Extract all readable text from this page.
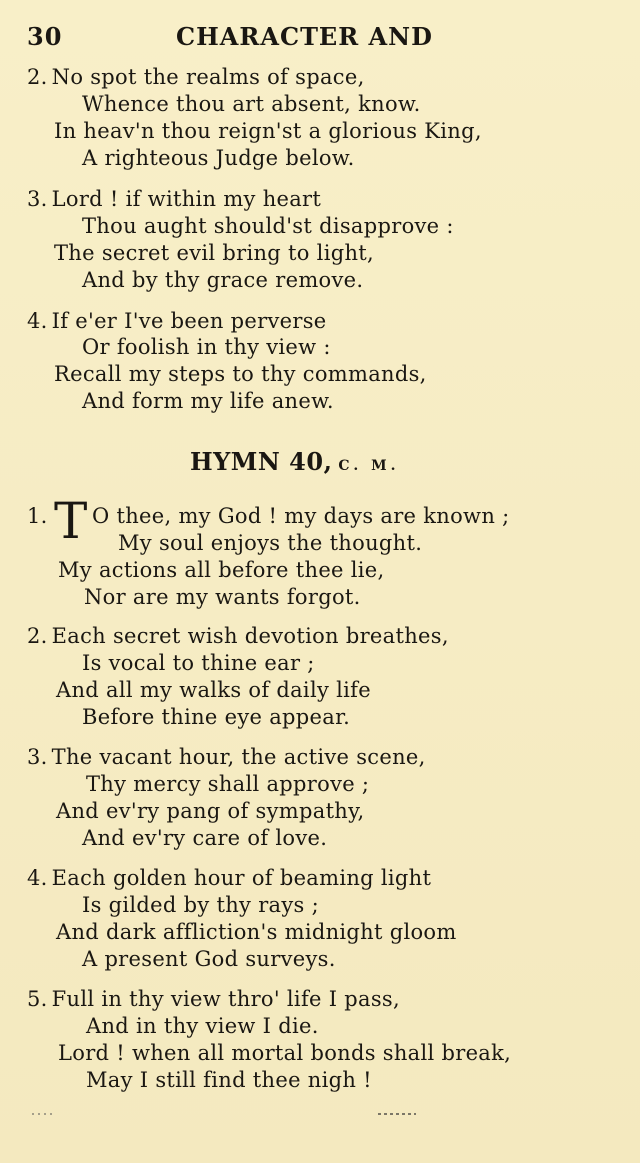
30	CHARACTER AND
2. No spot the realms of space,
Whence thou art absent, know.
In heav'n thou reign'st a glorious King,
A righteous Judge below.
3. Lord ! if within my heart
Thou aught should'st disapprove :
The secret evil bring to light,
And by thy grace remove.
4. If e'er I've been perverse
Or foolish in thy view :
Recall my steps to thy commands,
And form my life anew.
HYMN 40, C. M.
1. T O thee, my God ! my days are known ;
My soul enjoys the thought.
My actions all before thee lie,
Nor are my wants forgot.
2. Each secret wish devotion breathes,
Is vocal to thine ear ;
And all my walks of daily life
Before thine eye appear.
3. The vacant hour, the active scene,
Thy mercy shall approve ;
And ev'ry pang of sympathy,
And ev'ry care of love.
4. Each golden hour of beaming light
Is gilded by thy rays ;
And dark affliction's midnight gloom
A present God surveys.
5. Full in thy view thro' life I pass,
And in thy view I die.
Lord ! when all mortal bonds shall break,
May I still find thee nigh !
